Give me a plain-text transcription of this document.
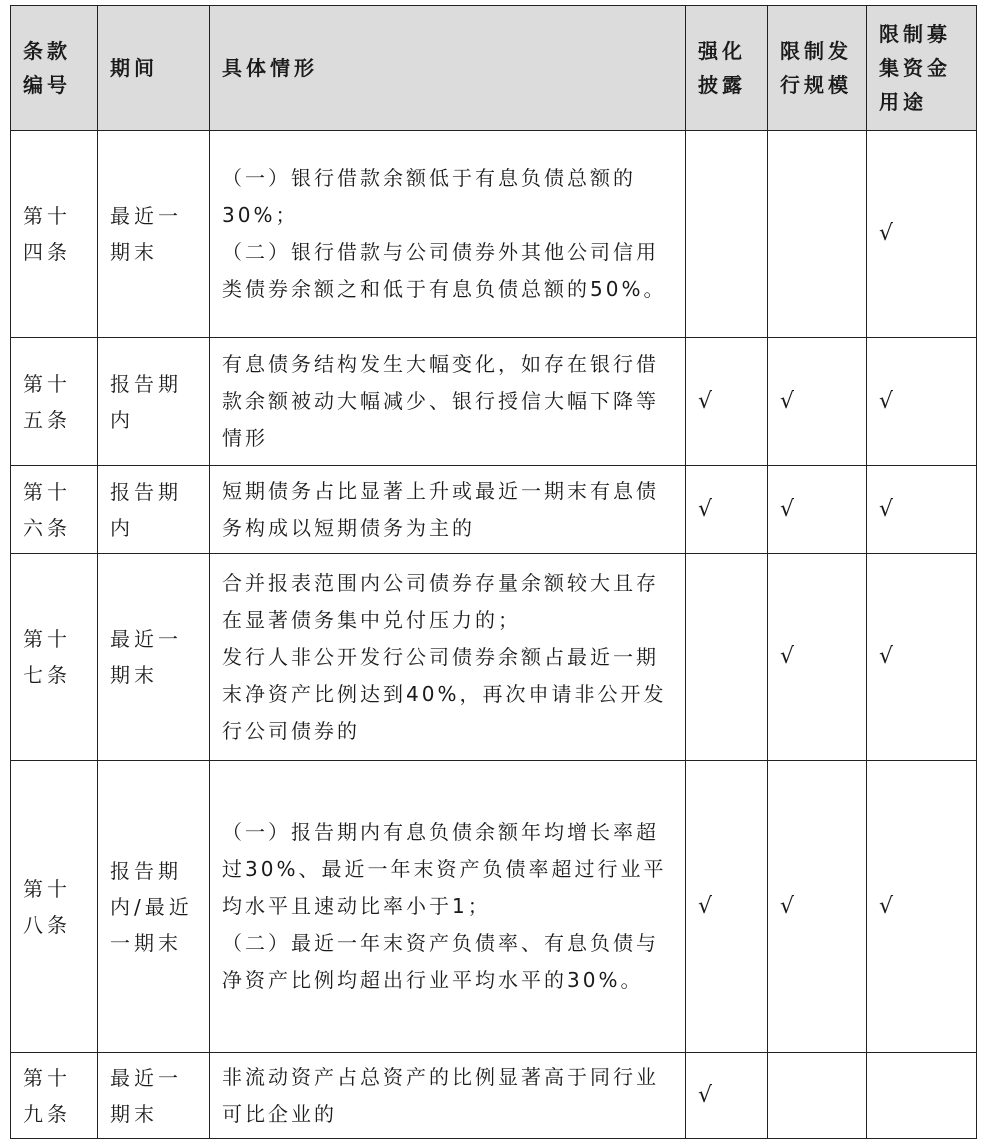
条款编号	期间	具体情形	强化披露	限制发行规模	限制募集资金用途
第十四条	最近一期末	（一）银行借款余额低于有息负债总额的30%；
（二）银行借款与公司债券外其他公司信用类债券余额之和低于有息负债总额的50%。			√
第十五条	报告期内	有息债务结构发生大幅变化，如存在银行借款余额被动大幅减少、银行授信大幅下降等情形	√	√	√
第十六条	报告期内	短期债务占比显著上升或最近一期末有息债务构成以短期债务为主的	√	√	√
第十七条	最近一期末	合并报表范围内公司债券存量余额较大且存在显著债务集中兑付压力的；
发行人非公开发行公司债券余额占最近一期末净资产比例达到40%，再次申请非公开发行公司债券的		√	√
第十八条	报告期内/最近一期末	（一）报告期内有息负债余额年均增长率超过30%、最近一年末资产负债率超过行业平均水平且速动比率小于1；
（二）最近一年末资产负债率、有息负债与净资产比例均超出行业平均水平的30%。	√	√	√
第十九条	最近一期末	非流动资产占总资产的比例显著高于同行业可比企业的	√		
